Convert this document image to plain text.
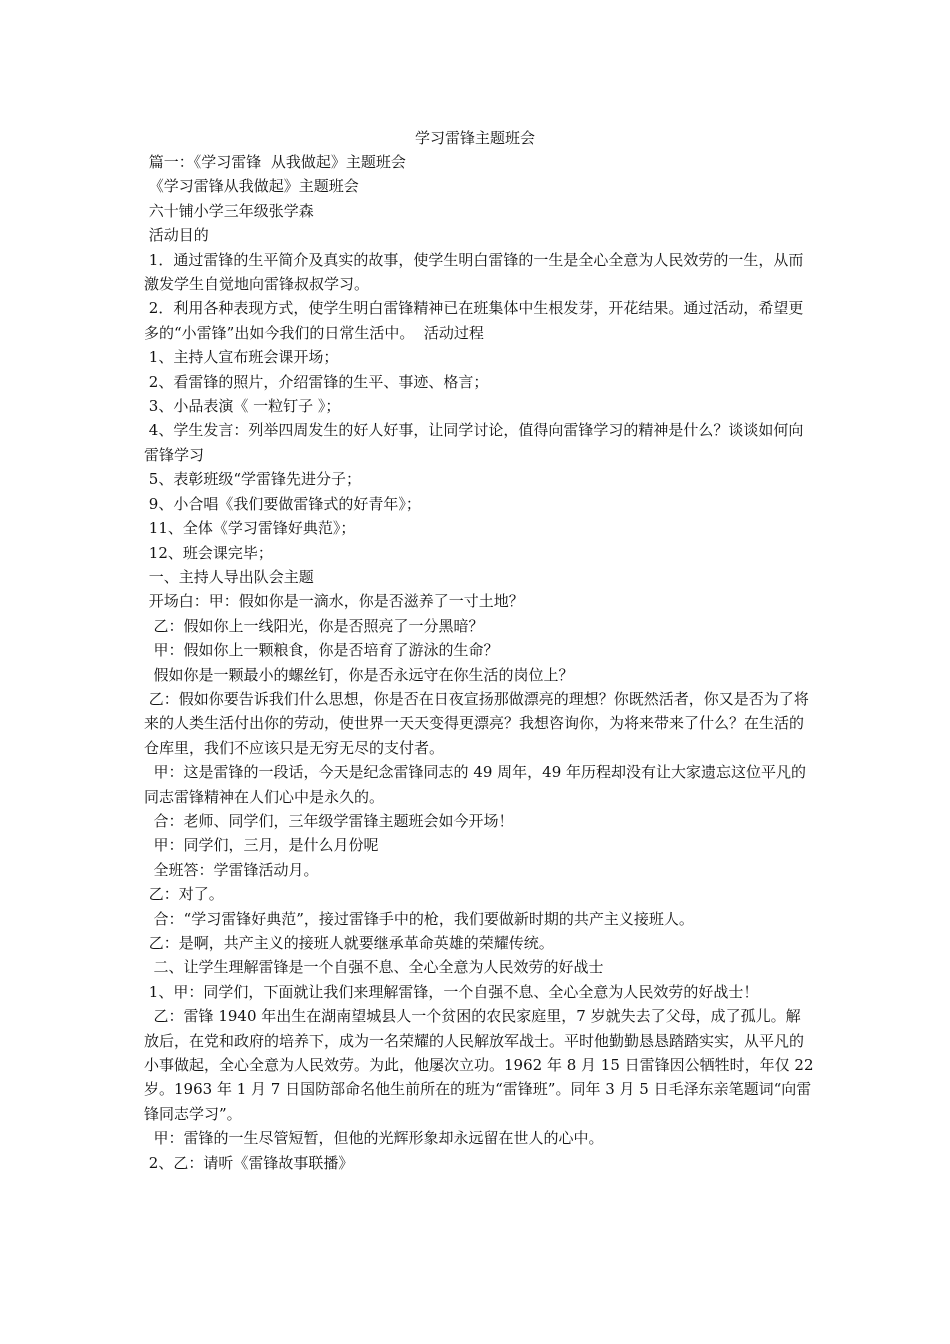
学习雷锋主题班会

篇一：《学习雷锋  从我做起》主题班会

《学习雷锋从我做起》主题班会

六十铺小学三年级张学森

活动目的

1．通过雷锋的生平简介及真实的故事，使学生明白雷锋的一生是全心全意为人民效劳的一生，从而激发学生自觉地向雷锋叔叔学习。

2．利用各种表现方式，使学生明白雷锋精神已在班集体中生根发芽，开花结果。通过活动，希望更多的“小雷锋”出如今我们的日常生活中。  活动过程

1、主持人宣布班会课开场；

2、看雷锋的照片，介绍雷锋的生平、事迹、格言；

3、小品表演《 一粒钉子 》；

4、学生发言：列举四周发生的好人好事，让同学讨论，值得向雷锋学习的精神是什么？谈谈如何向雷锋学习

5、表彰班级“学雷锋先进分子；

9、小合唱《我们要做雷锋式的好青年》；

11、全体《学习雷锋好典范》；

12、班会课完毕；

一、主持人导出队会主题

开场白：甲：假如你是一滴水，你是否滋养了一寸土地？

乙：假如你上一线阳光，你是否照亮了一分黑暗？

甲：假如你上一颗粮食，你是否培育了游泳的生命？

假如你是一颗最小的螺丝钉，你是否永远守在你生活的岗位上？

乙：假如你要告诉我们什么思想，你是否在日夜宣扬那做漂亮的理想？你既然活者，你又是否为了将来的人类生活付出你的劳动，使世界一天天变得更漂亮？我想咨询你，为将来带来了什么？在生活的仓库里，我们不应该只是无穷无尽的支付者。

甲：这是雷锋的一段话，今天是纪念雷锋同志的 49 周年，49 年历程却没有让大家遗忘这位平凡的同志雷锋精神在人们心中是永久的。

合：老师、同学们，三年级学雷锋主题班会如今开场！

甲：同学们，三月，是什么月份呢

全班答：学雷锋活动月。

乙：对了。

合：“学习雷锋好典范”，接过雷锋手中的枪，我们要做新时期的共产主义接班人。

乙：是啊，共产主义的接班人就要继承革命英雄的荣耀传统。

二、让学生理解雷锋是一个自强不息、全心全意为人民效劳的好战士

1、甲：同学们，下面就让我们来理解雷锋，一个自强不息、全心全意为人民效劳的好战士！

乙：雷锋 1940 年出生在湖南望城县人一个贫困的农民家庭里，7 岁就失去了父母，成了孤儿。解放后，在党和政府的培养下，成为一名荣耀的人民解放军战士。平时他勤勤恳恳踏踏实实，从平凡的小事做起，全心全意为人民效劳。为此，他屡次立功。1962 年 8 月 15 日雷锋因公牺牲时，年仅 22 岁。1963 年 1 月 7 日国防部命名他生前所在的班为“雷锋班”。同年 3 月 5 日毛泽东亲笔题词“向雷锋同志学习”。

甲：雷锋的一生尽管短暂，但他的光辉形象却永远留在世人的心中。

2、乙：请听《雷锋故事联播》
